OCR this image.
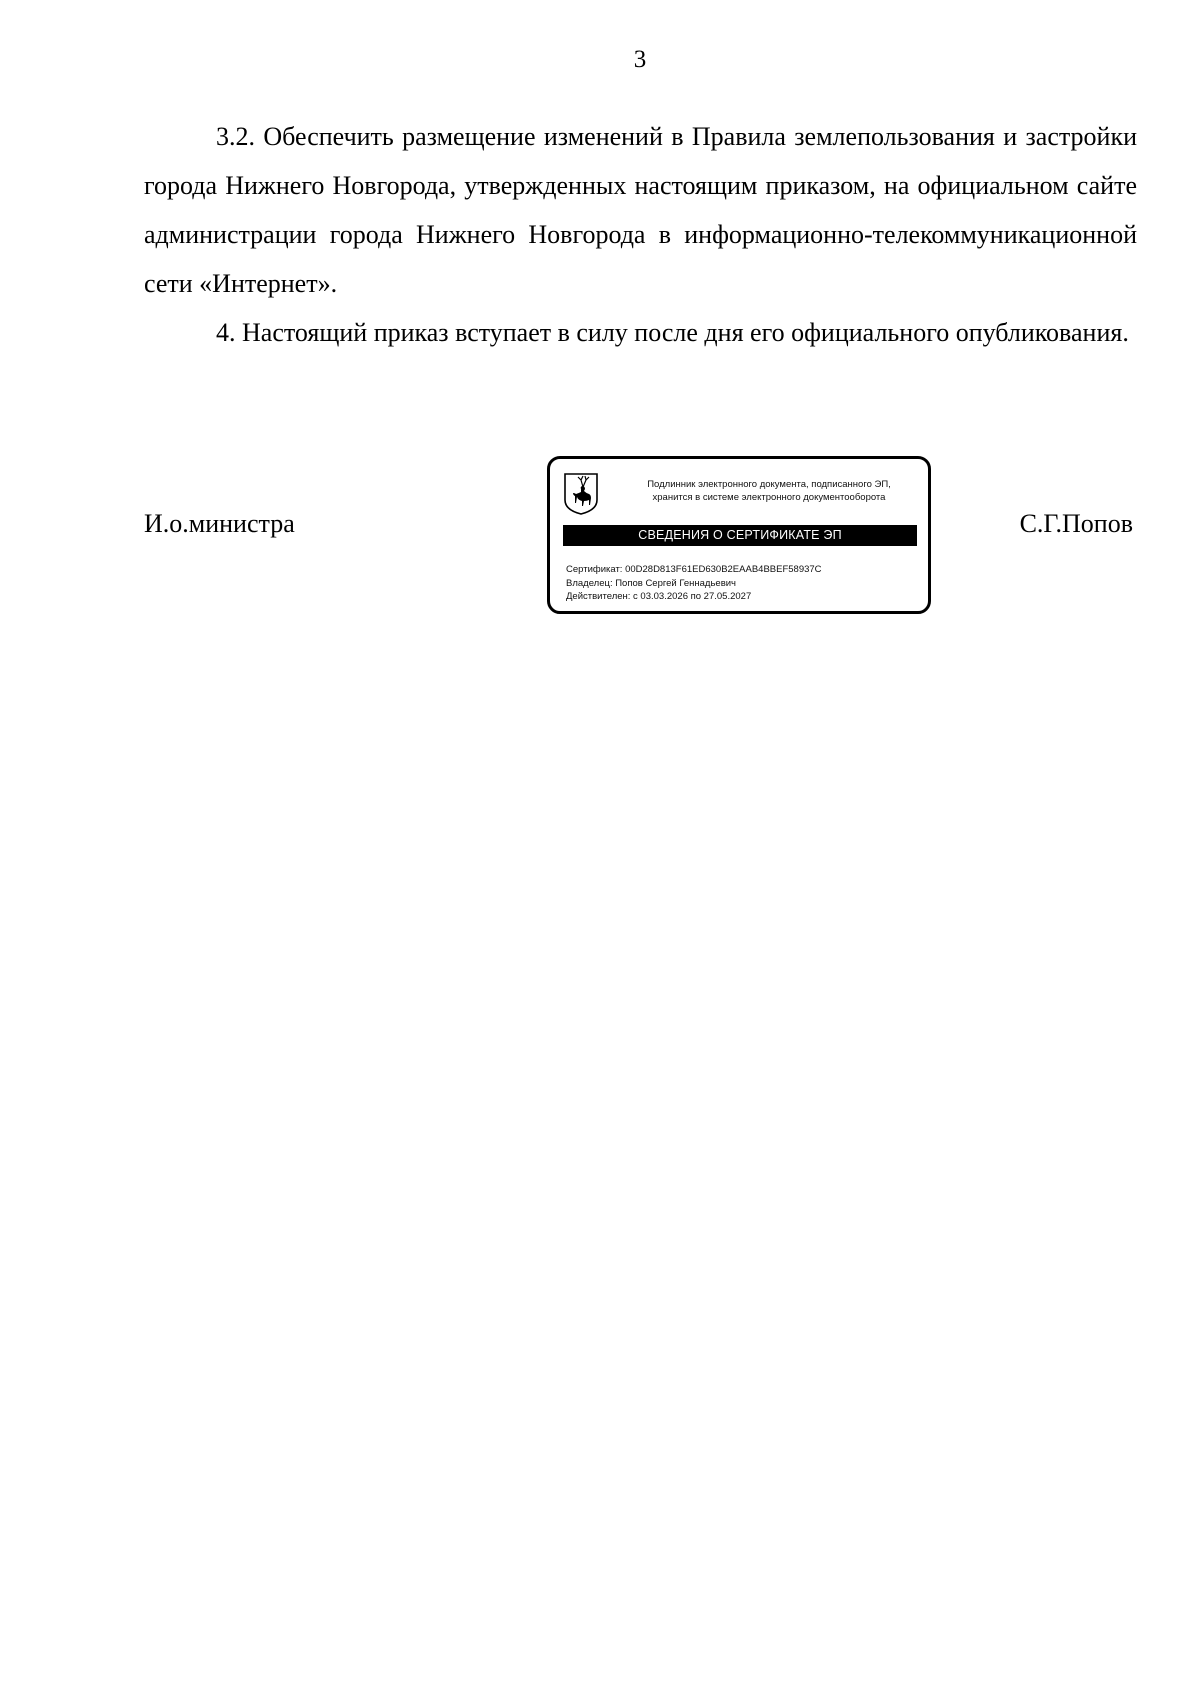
3

3.2. Обеспечить размещение изменений в Правила землепользования и застройки города Нижнего Новгорода, утвержденных настоящим приказом, на официальном сайте администрации города Нижнего Новгорода в информационно-телекоммуникационной сети «Интернет».

4. Настоящий приказ вступает в силу после дня его официального опубликования.

И.о.министра	С.Г.Попов
Подлинник электронного документа, подписанного ЭП,
хранится в системе электронного документооборота
СВЕДЕНИЯ О СЕРТИФИКАТЕ ЭП
Сертификат: 00D28D813F61ED630B2EAAB4BBEF58937C
Владелец: Попов Сергей Геннадьевич
Действителен: с 03.03.2026 по 27.05.2027
